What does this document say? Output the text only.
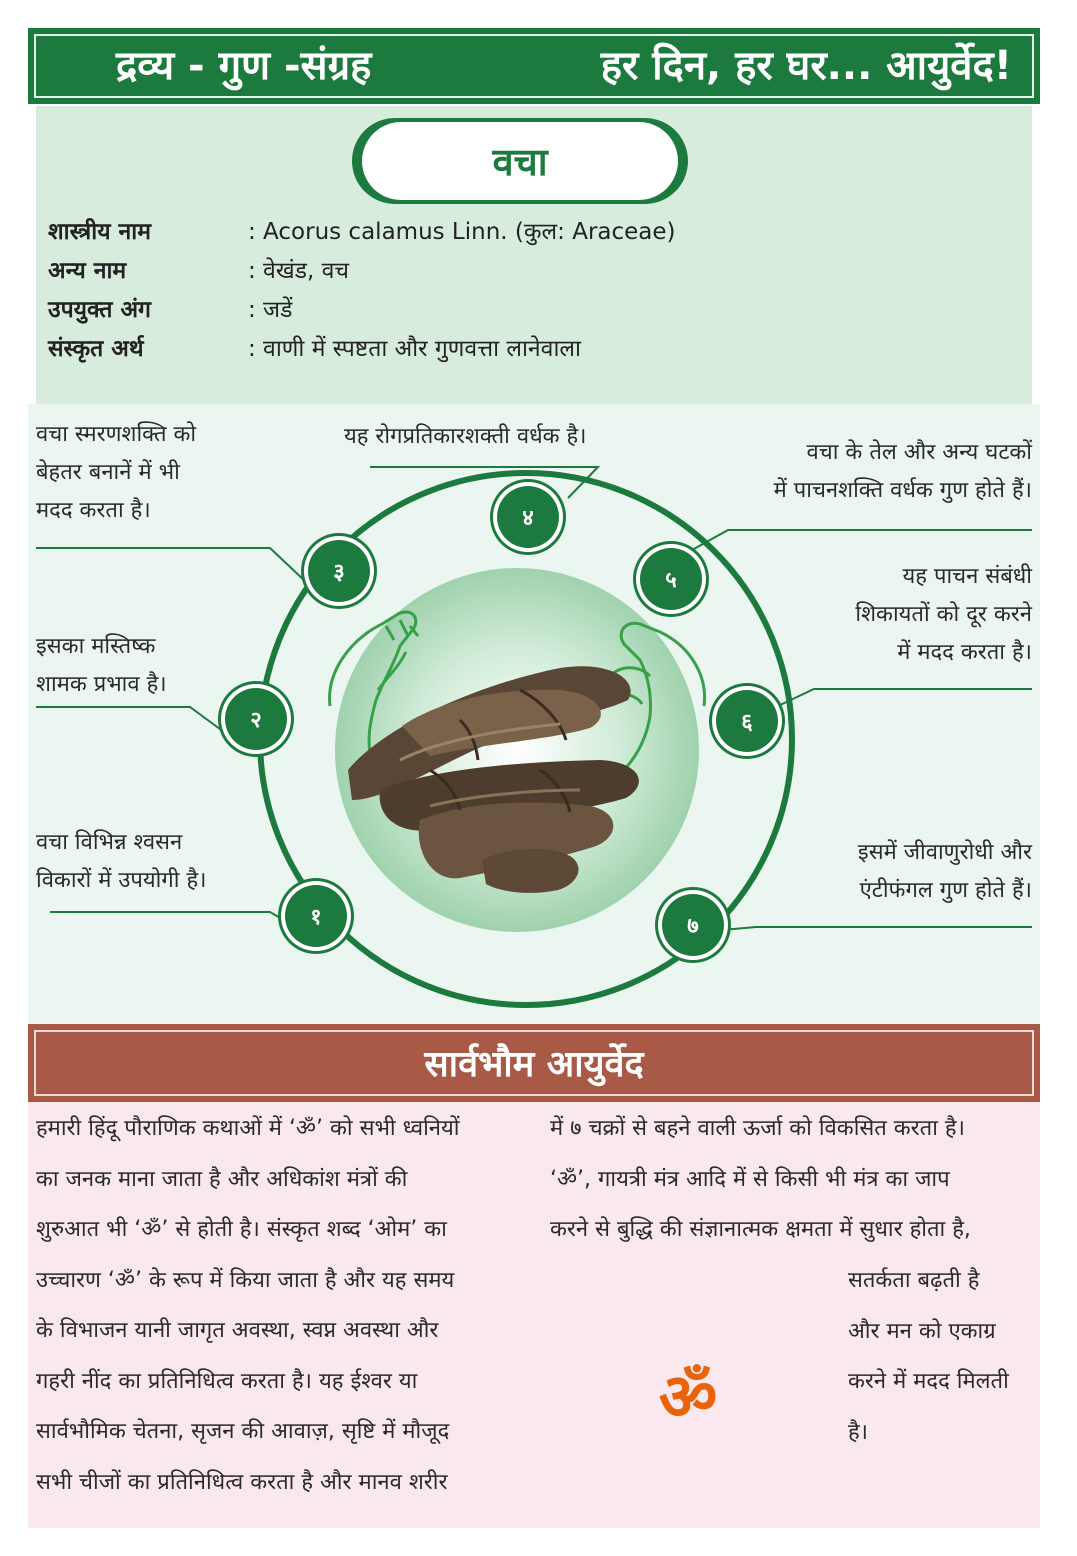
द्रव्य - गुण -संग्रह	हर दिन, हर घर... आयुर्वेद!
वचा
शास्त्रीय नाम	: Acorus calamus Linn. (कुल: Araceae)
अन्य नाम	: वेखंड, वच
उपयुक्त अंग	: जडें
संस्कृत अर्थ	: वाणी में स्पष्टता और गुणवत्ता लानेवाला
१
२
३
४
५
६
७
वचा विभिन्न श्वसन
विकारों में उपयोगी है।
इसका मस्तिष्क
शामक प्रभाव है।
वचा स्मरणशक्ति को
बेहतर बनानें में भी
मदद करता है।
यह रोगप्रतिकारशक्ती वर्धक है।
वचा के तेल और अन्य घटकों
में पाचनशक्ति वर्धक गुण होते हैं।
यह पाचन संबंधी
शिकायतों को दूर करने
में मदद करता है।
इसमें जीवाणुरोधी और
एंटीफंगल गुण होते हैं।
सार्वभौम आयुर्वेद

हमारी हिंदू पौराणिक कथाओं में ‘ॐ’ को सभी ध्वनियों

का जनक माना जाता है और अधिकांश मंत्रों की

शुरुआत भी ‘ॐ’ से होती है। संस्कृत शब्द ‘ओम’ का

उच्चारण ‘ॐ’ के रूप में किया जाता है और यह समय

के विभाजन यानी जागृत अवस्था, स्वप्न अवस्था और

गहरी नींद का प्रतिनिधित्व करता है। यह ईश्वर या

सार्वभौमिक चेतना, सृजन की आवाज़, सृष्टि में मौजूद

सभी चीजों का प्रतिनिधित्व करता है और मानव शरीर

में ७ चक्रों से बहने वाली ऊर्जा को विकसित करता है।

‘ॐ’, गायत्री मंत्र आदि में से किसी भी मंत्र का जाप

करने से बुद्धि की संज्ञानात्मक क्षमता में सुधार होता है,

सतर्कता बढ़ती है

और मन को एकाग्र

करने में मदद मिलती

है।

ॐ
